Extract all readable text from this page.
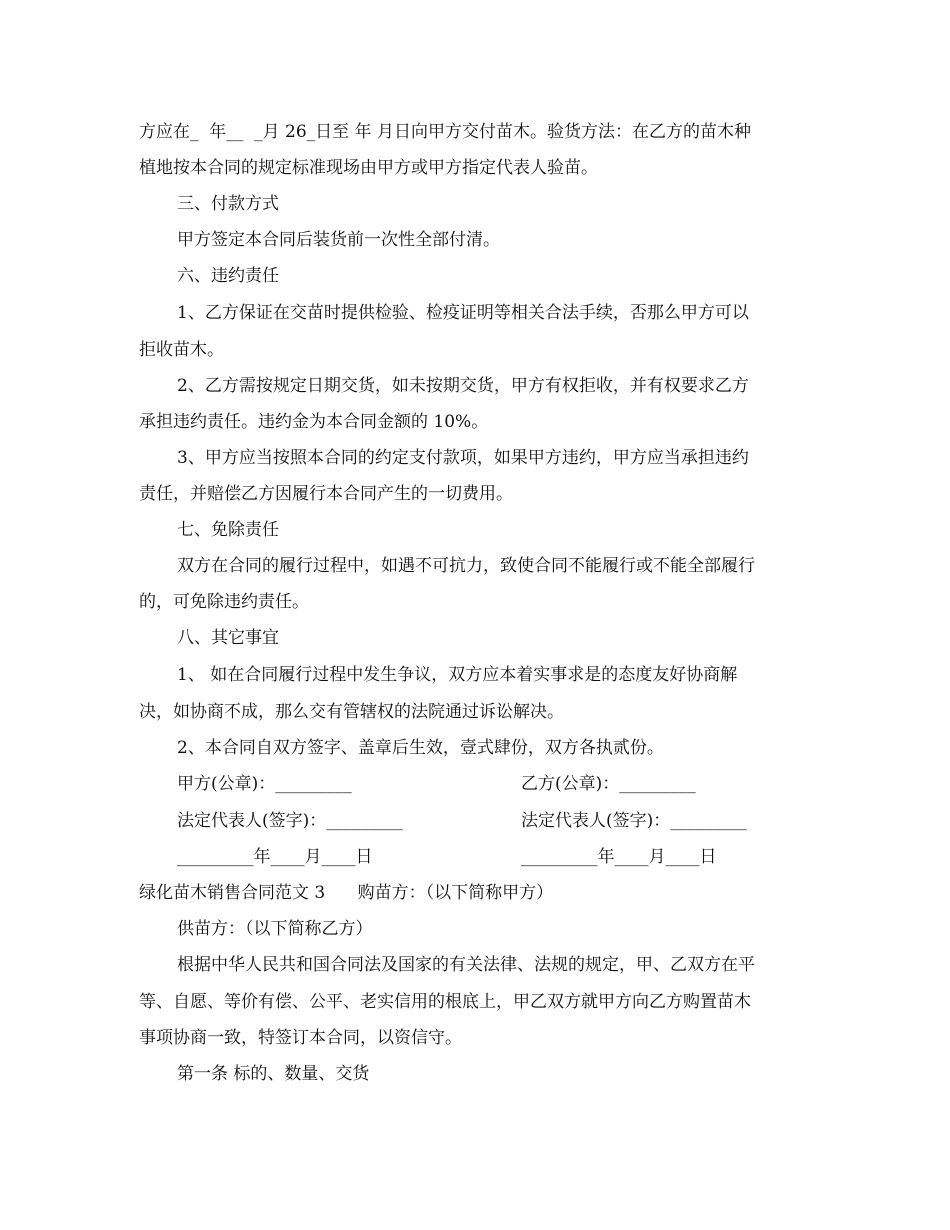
方应在_  年__  _月 26_日至 年 月日向甲方交付苗木。验货方法：在乙方的苗木种
植地按本合同的规定标准现场由甲方或甲方指定代表人验苗。
三、付款方式
甲方签定本合同后装货前一次性全部付清。
六、违约责任
1、乙方保证在交苗时提供检验、检疫证明等相关合法手续，否那么甲方可以
拒收苗木。
2、乙方需按规定日期交货，如未按期交货，甲方有权拒收，并有权要求乙方
承担违约责任。违约金为本合同金额的 10%。
3、甲方应当按照本合同的约定支付款项，如果甲方违约，甲方应当承担违约
责任，并赔偿乙方因履行本合同产生的一切费用。
七、免除责任
双方在合同的履行过程中，如遇不可抗力，致使合同不能履行或不能全部履行
的，可免除违约责任。
八、其它事宜
1、 如在合同履行过程中发生争议，双方应本着实事求是的态度友好协商解
决，如协商不成，那么交有管辖权的法院通过诉讼解决。
2、本合同自双方签字、盖章后生效，壹式肆份，双方各执贰份。
甲方(公章)：_________	乙方(公章)：_________
法定代表人(签字)：_________	法定代表人(签字)：_________
_________年____月____日	_________年____月____日
绿化苗木销售合同范文 3      购苗方：（以下简称甲方）
供苗方：（以下简称乙方）
根据中华人民共和国合同法及国家的有关法律、法规的规定，甲、乙双方在平
等、自愿、等价有偿、公平、老实信用的根底上，甲乙双方就甲方向乙方购置苗木
事项协商一致，特签订本合同，以资信守。
第一条 标的、数量、交货
